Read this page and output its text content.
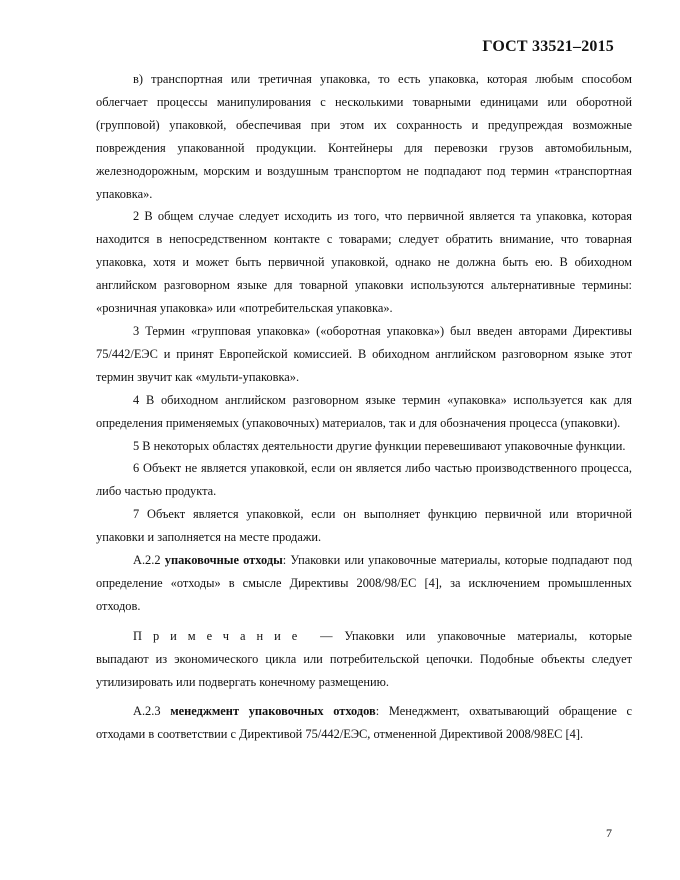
ГОСТ 33521–2015

в) транспортная или третичная упаковка, то есть упаковка, которая любым способом облегчает процессы манипулирования с несколькими товарными единицами или оборотной (групповой) упаковкой, обеспечивая при этом их сохранность и предупреждая возможные повреждения упакованной продукции. Контейнеры для перевозки грузов автомобильным, железнодорожным, морским и воздушным транспортом не подпадают под термин «транспортная упаковка».

2 В общем случае следует исходить из того, что первичной является та упаковка, которая находится в непосредственном контакте с товарами; следует обратить внимание, что товарная упаковка, хотя и может быть первичной упаковкой, однако не должна быть ею. В обиходном английском разговорном языке для товарной упаковки используются альтернативные термины: «розничная упаковка» или «потребительская упаковка».

3 Термин «групповая упаковка» («оборотная упаковка») был введен авторами Директивы 75/442/ЕЭС и принят Европейской комиссией. В обиходном английском разговорном языке этот термин звучит как «мульти-упаковка».

4 В обиходном английском разговорном языке термин «упаковка» используется как для определения применяемых (упаковочных) материалов, так и для обозначения процесса (упаковки).

5 В некоторых областях деятельности другие функции перевешивают упаковочные функции.

6 Объект не является упаковкой, если он является либо частью производственного процесса, либо частью продукта.

7 Объект является упаковкой, если он выполняет функцию первичной или вторичной упаковки и заполняется на месте продажи.

А.2.2 упаковочные отходы: Упаковки или упаковочные материалы, которые подпадают под определение «отходы» в смысле Директивы 2008/98/ЕС [4], за исключением промышленных отходов.

Примечание — Упаковки или упаковочные материалы, которые выпадают из экономического цикла или потребительской цепочки. Подобные объекты следует утилизировать или подвергать конечному размещению.

А.2.3 менеджмент упаковочных отходов: Менеджмент, охватывающий обращение с отходами в соответствии с Директивой 75/442/ЕЭС, отмененной Директивой 2008/98ЕС [4].

7
